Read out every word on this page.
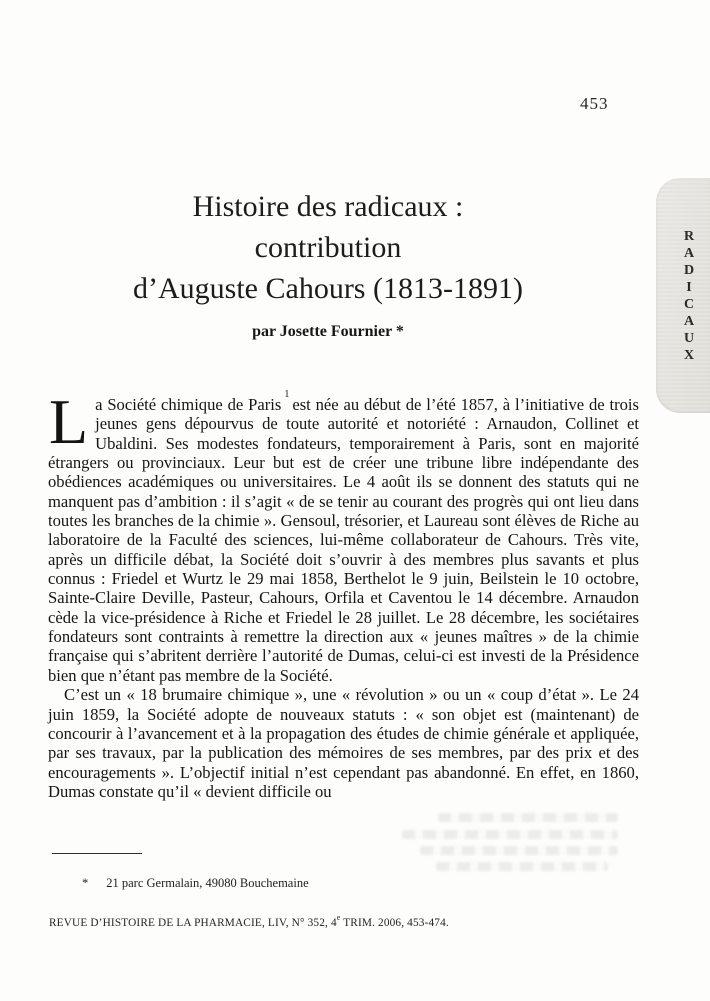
453
R
A
D
I
C
A
U
X
Histoire des radicaux :
contribution
d’Auguste Cahours (1813-1891)
par Josette Fournier *

La Société chimique de Paris$^1$est née au début de l’été 1857, à l’initiative de trois jeunes gens dépourvus de toute autorité et notoriété : Arnaudon, Collinet et Ubaldini. Ses modestes fondateurs, temporairement à Paris, sont en majorité étrangers ou provinciaux. Leur but est de créer une tribune libre indépendante des obédiences académiques ou universitaires. Le 4 août ils se donnent des statuts qui ne manquent pas d’ambition : il s’agit « de se tenir au courant des progrès qui ont lieu dans toutes les branches de la chimie ». Gensoul, trésorier, et Laureau sont élèves de Riche au laboratoire de la Faculté des sciences, lui-même collaborateur de Cahours. Très vite, après un difficile débat, la Société doit s’ouvrir à des membres plus savants et plus connus : Friedel et Wurtz le 29 mai 1858, Berthelot le 9 juin, Beilstein le 10 octobre, Sainte-Claire Deville, Pasteur, Cahours, Orfila et Caventou le 14 décembre. Arnaudon cède la vice-présidence à Riche et Friedel le 28 juillet. Le 28 décembre, les sociétaires fondateurs sont contraints à remettre la direction aux « jeunes maîtres » de la chimie française qui s’abritent derrière l’autorité de Dumas, celui-ci est investi de la Présidence bien que n’étant pas membre de la Société.

C’est un « 18 brumaire chimique », une « révolution » ou un « coup d’état ». Le 24 juin 1859, la Société adopte de nouveaux statuts : « son objet est (maintenant) de concourir à l’avancement et à la propagation des études de chimie générale et appliquée, par ses travaux, par la publication des mémoires de ses membres, par des prix et des encouragements ». L’objectif initial n’est cependant pas abandonné. En effet, en 1860, Dumas constate qu’il « devient difficile ou

* 21 parc Germalain, 49080 Bouchemaine
REVUE D’HISTOIRE DE LA PHARMACIE, LIV, N° 352, 4e TRIM. 2006, 453-474.
